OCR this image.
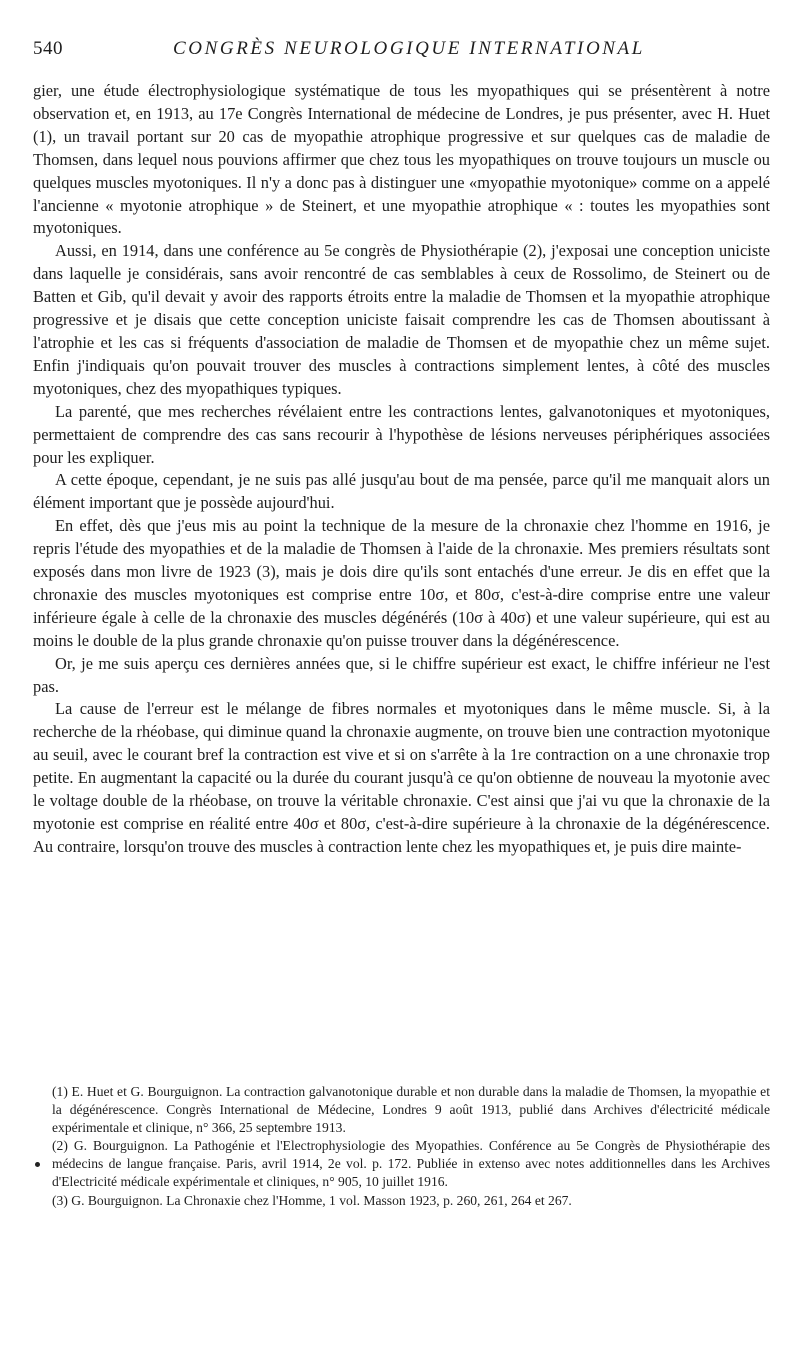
540	CONGRÈS NEUROLOGIQUE INTERNATIONAL

gier, une étude électrophysiologique systématique de tous les myopathiques qui se présentèrent à notre observation et, en 1913, au 17e Congrès International de médecine de Londres, je pus présenter, avec H. Huet (1), un travail portant sur 20 cas de myopathie atrophique progressive et sur quelques cas de maladie de Thomsen, dans lequel nous pouvions affirmer que chez tous les myopathiques on trouve toujours un muscle ou quelques muscles myotoniques. Il n'y a donc pas à distinguer une «myopathie myotonique» comme on a appelé l'ancienne « myotonie atrophique » de Steinert, et une myopathie atrophique « : toutes les myopathies sont myotoniques.

Aussi, en 1914, dans une conférence au 5e congrès de Physiothérapie (2), j'exposai une conception uniciste dans laquelle je considérais, sans avoir rencontré de cas semblables à ceux de Rossolimo, de Steinert ou de Batten et Gib, qu'il devait y avoir des rapports étroits entre la maladie de Thomsen et la myopathie atrophique progressive et je disais que cette conception uniciste faisait comprendre les cas de Thomsen aboutissant à l'atrophie et les cas si fréquents d'association de maladie de Thomsen et de myopathie chez un même sujet. Enfin j'indiquais qu'on pouvait trouver des muscles à contractions simplement lentes, à côté des muscles myotoniques, chez des myopathiques typiques.

La parenté, que mes recherches révélaient entre les contractions lentes, galvanotoniques et myotoniques, permettaient de comprendre des cas sans recourir à l'hypothèse de lésions nerveuses périphériques associées pour les expliquer.

A cette époque, cependant, je ne suis pas allé jusqu'au bout de ma pensée, parce qu'il me manquait alors un élément important que je possède aujourd'hui.

En effet, dès que j'eus mis au point la technique de la mesure de la chronaxie chez l'homme en 1916, je repris l'étude des myopathies et de la maladie de Thomsen à l'aide de la chronaxie. Mes premiers résultats sont exposés dans mon livre de 1923 (3), mais je dois dire qu'ils sont entachés d'une erreur. Je dis en effet que la chronaxie des muscles myotoniques est comprise entre 10σ, et 80σ, c'est-à-dire comprise entre une valeur inférieure égale à celle de la chronaxie des muscles dégénérés (10σ à 40σ) et une valeur supérieure, qui est au moins le double de la plus grande chronaxie qu'on puisse trouver dans la dégénérescence.

Or, je me suis aperçu ces dernières années que, si le chiffre supérieur est exact, le chiffre inférieur ne l'est pas.

La cause de l'erreur est le mélange de fibres normales et myotoniques dans le même muscle. Si, à la recherche de la rhéobase, qui diminue quand la chronaxie augmente, on trouve bien une contraction myotonique au seuil, avec le courant bref la contraction est vive et si on s'arrête à la 1re contraction on a une chronaxie trop petite. En augmentant la capacité ou la durée du courant jusqu'à ce qu'on obtienne de nouveau la myotonie avec le voltage double de la rhéobase, on trouve la véritable chronaxie. C'est ainsi que j'ai vu que la chronaxie de la myotonie est comprise en réalité entre 40σ et 80σ, c'est-à-dire supérieure à la chronaxie de la dégénérescence. Au contraire, lorsqu'on trouve des muscles à contraction lente chez les myopathiques et, je puis dire mainte-

(1) E. Huet et G. Bourguignon. La contraction galvanotonique durable et non durable dans la maladie de Thomsen, la myopathie et la dégénérescence. Congrès International de Médecine, Londres 9 août 1913, publié dans Archives d'électricité médicale expérimentale et clinique, n° 366, 25 septembre 1913.

(2) G. Bourguignon. La Pathogénie et l'Electrophysiologie des Myopathies. Conférence au 5e Congrès de Physiothérapie des médecins de langue française. Paris, avril 1914, 2e vol. p. 172. Publiée in extenso avec notes additionnelles dans les Archives d'Electricité médicale expérimentale et cliniques, n° 905, 10 juillet 1916.

(3) G. Bourguignon. La Chronaxie chez l'Homme, 1 vol. Masson 1923, p. 260, 261, 264 et 267.
